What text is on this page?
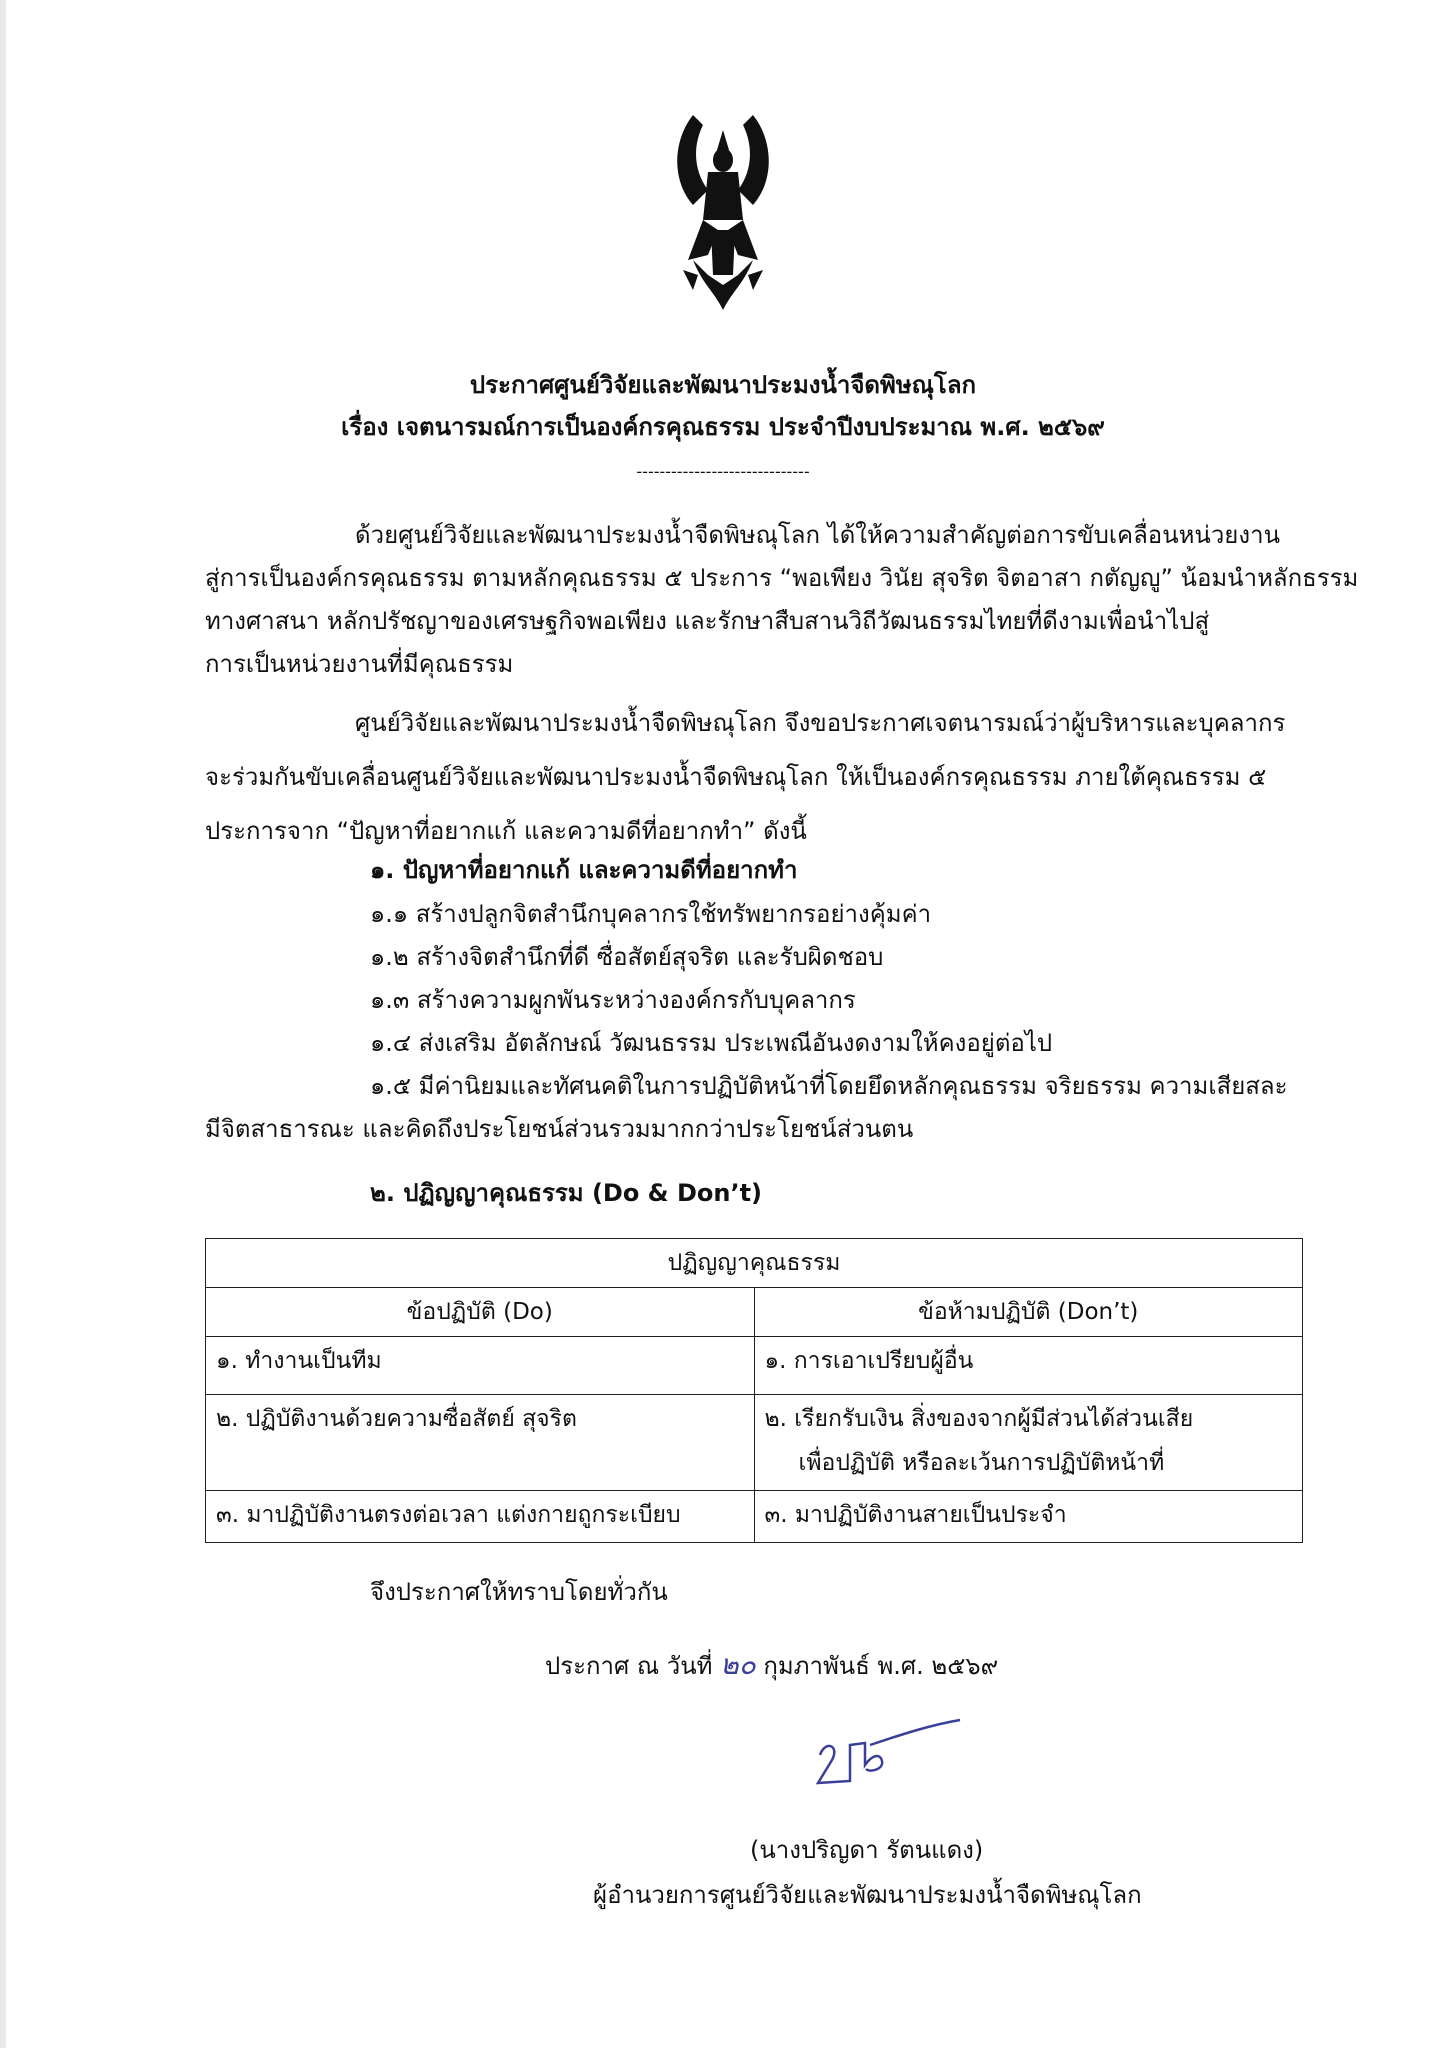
ประกาศศูนย์วิจัยและพัฒนาประมงน้ำจืดพิษณุโลก
เรื่อง เจตนารมณ์การเป็นองค์กรคุณธรรม ประจำปีงบประมาณ พ.ศ. ๒๕๖๙
------------------------------
ด้วยศูนย์วิจัยและพัฒนาประมงน้ำจืดพิษณุโลก ได้ให้ความสำคัญต่อการขับเคลื่อนหน่วยงาน
สู่การเป็นองค์กรคุณธรรม ตามหลักคุณธรรม ๕ ประการ “พอเพียง วินัย สุจริต จิตอาสา กตัญญู” น้อมนำหลักธรรม
ทางศาสนา หลักปรัชญาของเศรษฐกิจพอเพียง และรักษาสืบสานวิถีวัฒนธรรมไทยที่ดีงามเพื่อนำไปสู่
การเป็นหน่วยงานที่มีคุณธรรม
ศูนย์วิจัยและพัฒนาประมงน้ำจืดพิษณุโลก จึงขอประกาศเจตนารมณ์ว่าผู้บริหารและบุคลากร
จะร่วมกันขับเคลื่อนศูนย์วิจัยและพัฒนาประมงน้ำจืดพิษณุโลก ให้เป็นองค์กรคุณธรรม ภายใต้คุณธรรม ๕
ประการจาก “ปัญหาที่อยากแก้ และความดีที่อยากทำ” ดังนี้
๑. ปัญหาที่อยากแก้ และความดีที่อยากทำ
๑.๑ สร้างปลูกจิตสำนึกบุคลากรใช้ทรัพยากรอย่างคุ้มค่า
๑.๒ สร้างจิตสำนึกที่ดี ซื่อสัตย์สุจริต และรับผิดชอบ
๑.๓ สร้างความผูกพันระหว่างองค์กรกับบุคลากร
๑.๔ ส่งเสริม อัตลักษณ์ วัฒนธรรม ประเพณีอันงดงามให้คงอยู่ต่อไป
๑.๕ มีค่านิยมและทัศนคติในการปฏิบัติหน้าที่โดยยึดหลักคุณธรรม จริยธรรม ความเสียสละ
มีจิตสาธารณะ และคิดถึงประโยชน์ส่วนรวมมากกว่าประโยชน์ส่วนตน
๒. ปฏิญญาคุณธรรม (Do & Don’t)
ปฏิญญาคุณธรรม	
ข้อปฏิบัติ (Do)	ข้อห้ามปฏิบัติ (Don’t)
๑. ทำงานเป็นทีม	๑. การเอาเปรียบผู้อื่น
๒. ปฏิบัติงานด้วยความซื่อสัตย์ สุจริต	๒. เรียกรับเงิน สิ่งของจากผู้มีส่วนได้ส่วนเสีย
เพื่อปฏิบัติ หรือละเว้นการปฏิบัติหน้าที่

๓. มาปฏิบัติงานตรงต่อเวลา แต่งกายถูกระเบียบ	๓. มาปฏิบัติงานสายเป็นประจำ
จึงประกาศให้ทราบโดยทั่วกัน
ประกาศ ณ วันที่ ๒๐ กุมภาพันธ์ พ.ศ. ๒๕๖๙
(นางปริญดา รัตนแดง)
ผู้อำนวยการศูนย์วิจัยและพัฒนาประมงน้ำจืดพิษณุโลก
